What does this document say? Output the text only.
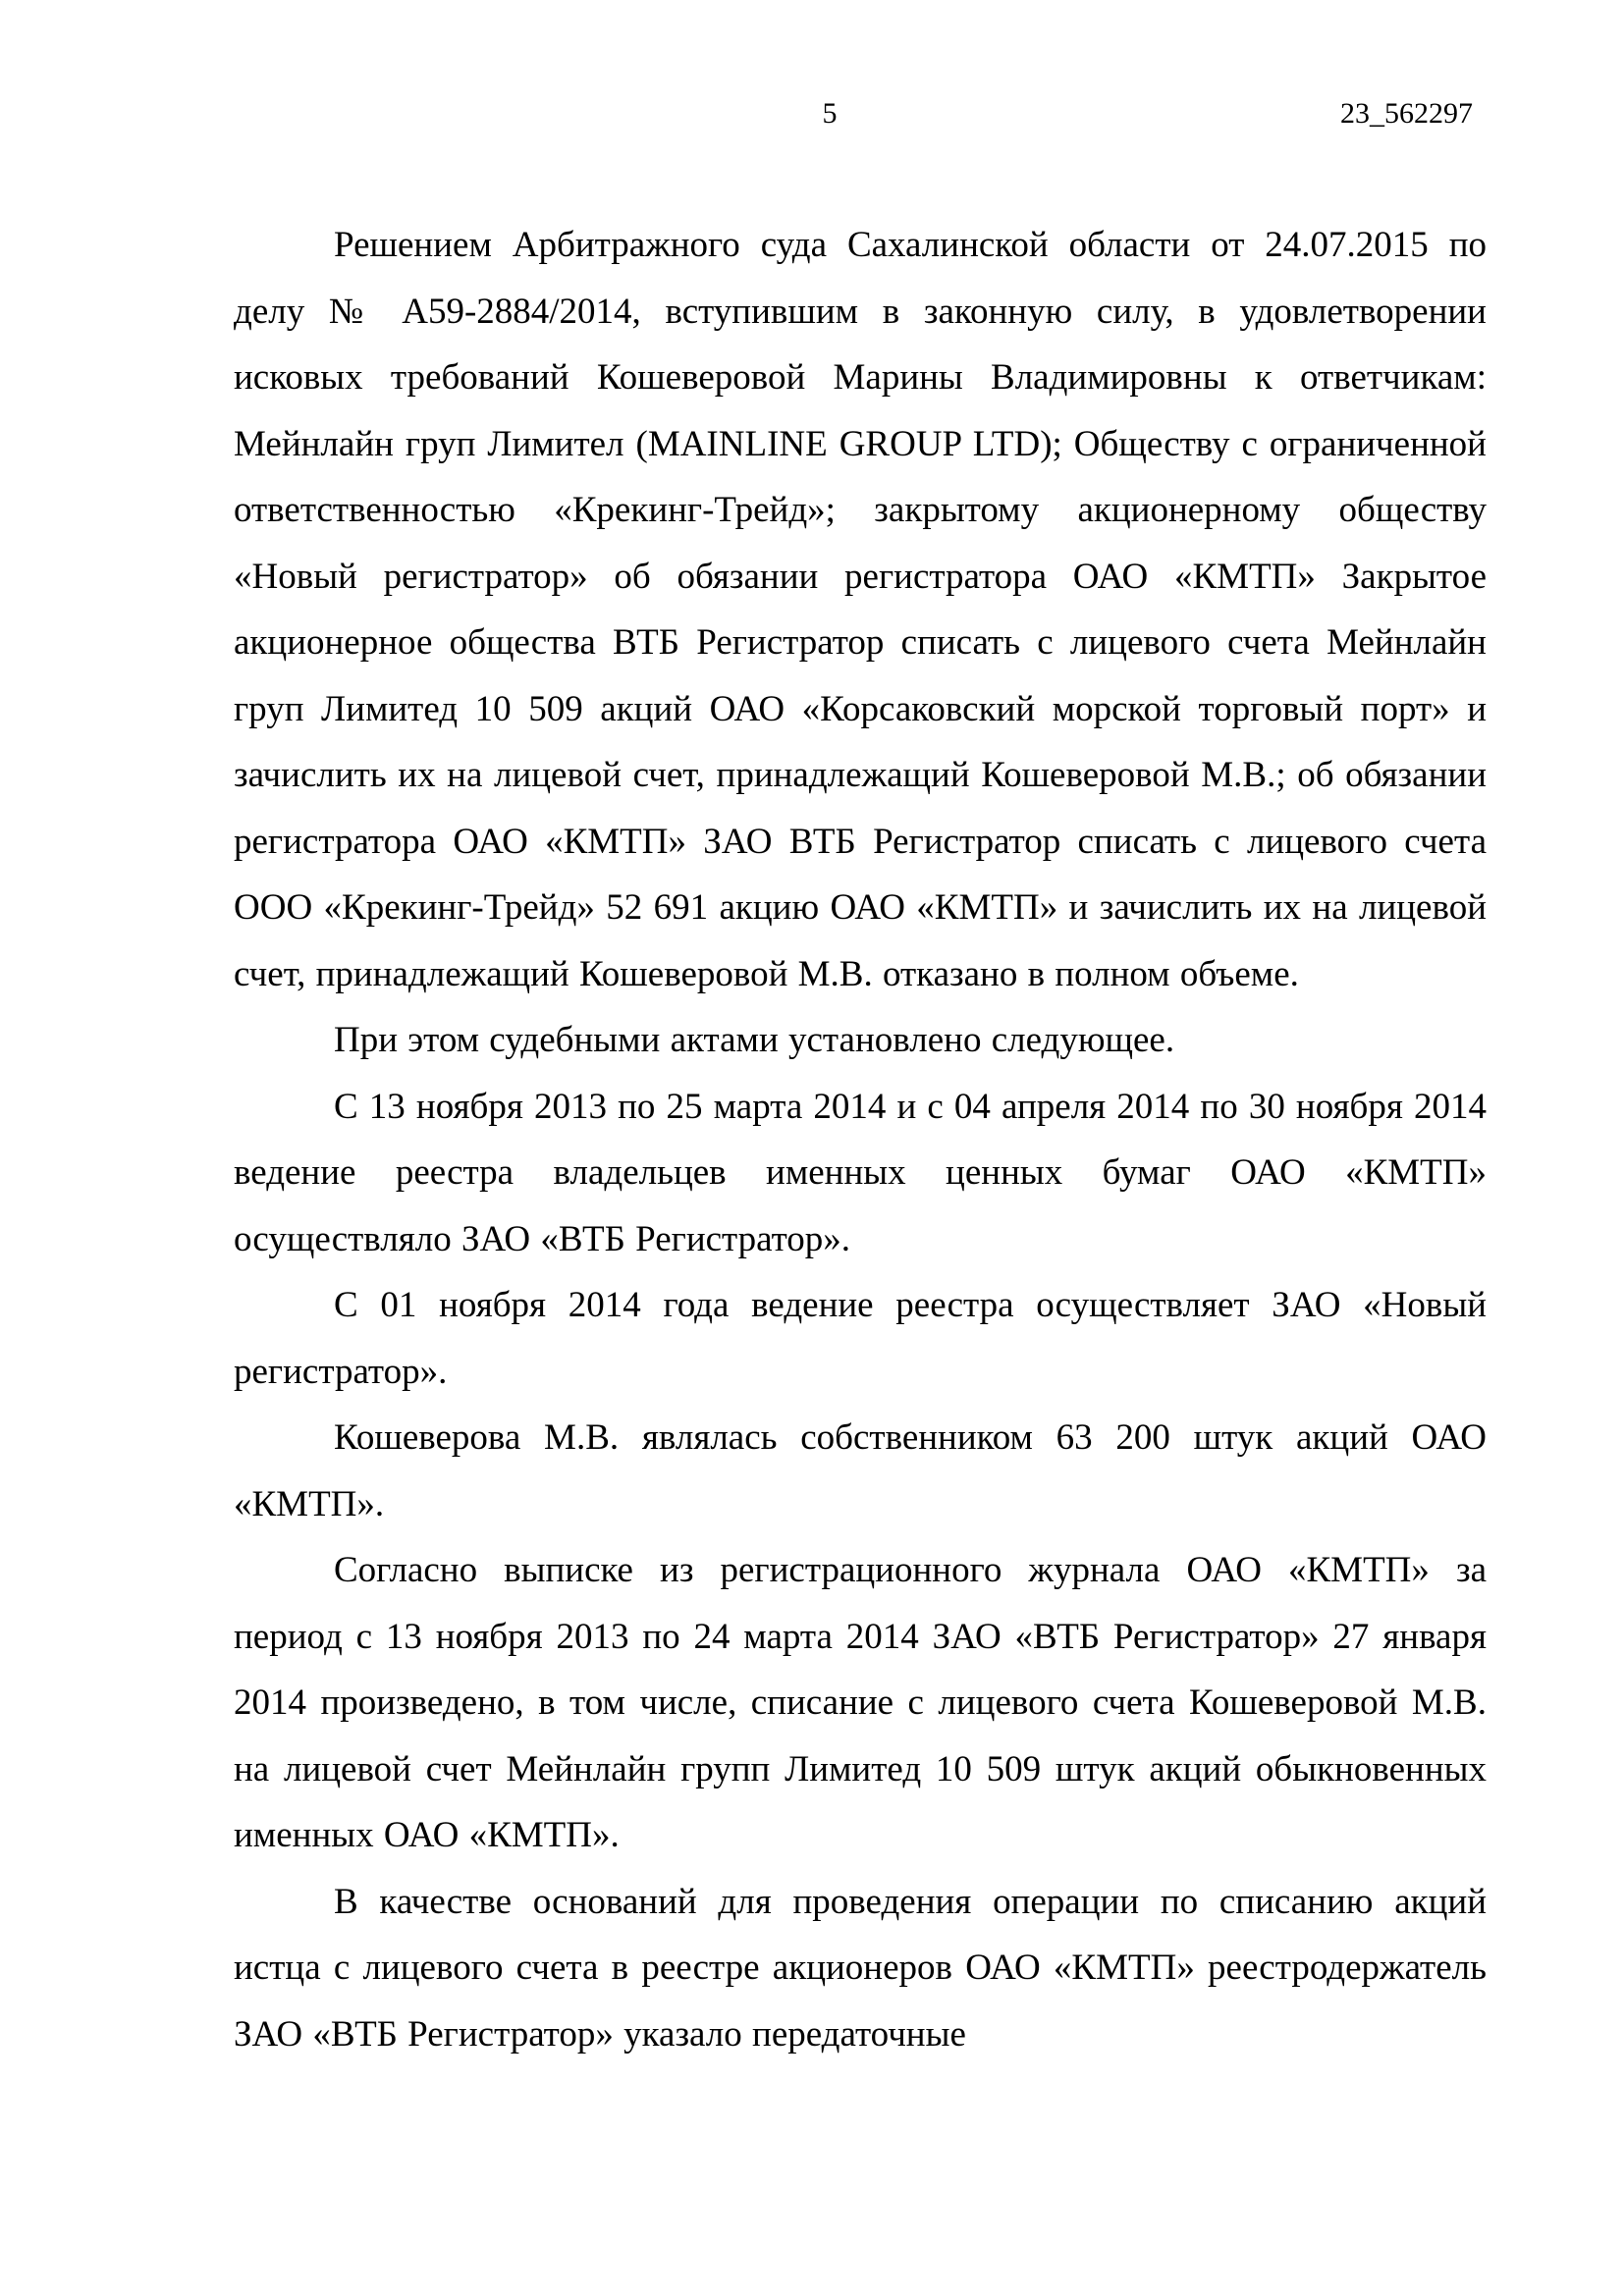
5	23_562297

Решением Арбитражного суда Сахалинской области от 24.07.2015 по делу № А59-2884/2014, вступившим в законную силу, в удовлетворении исковых требований Кошеверовой Марины Владимировны к ответчикам: Мейнлайн груп Лимител (MAINLINE GROUP LTD); Обществу с ограниченной ответственностью «Крекинг-Трейд»; закрытому акционерному обществу «Новый регистратор» об обязании регистратора ОАО «КМТП» Закрытое акционерное общества ВТБ Регистратор списать с лицевого счета Мейнлайн груп Лимитед 10 509 акций ОАО «Корсаковский морской торговый порт» и зачислить их на лицевой счет, принадлежащий Кошеверовой М.В.; об обязании регистратора ОАО «КМТП» ЗАО ВТБ Регистратор списать с лицевого счета ООО «Крекинг-Трейд» 52 691 акцию ОАО «КМТП» и зачислить их на лицевой счет, принадлежащий Кошеверовой М.В. отказано в полном объеме.

При этом судебными актами установлено следующее.

С 13 ноября 2013 по 25 марта 2014 и с 04 апреля 2014 по 30 ноября 2014 ведение реестра владельцев именных ценных бумаг ОАО «КМТП» осуществляло ЗАО «ВТБ Регистратор».

С 01 ноября 2014 года ведение реестра осуществляет ЗАО «Новый регистратор».

Кошеверова М.В. являлась собственником 63 200 штук акций ОАО «КМТП».

Согласно выписке из регистрационного журнала ОАО «КМТП» за период с 13 ноября 2013 по 24 марта 2014 ЗАО «ВТБ Регистратор» 27 января 2014 произведено, в том числе, списание с лицевого счета Кошеверовой М.В. на лицевой счет Мейнлайн групп Лимитед 10 509 штук акций обыкновенных именных ОАО «КМТП».

В качестве оснований для проведения операции по списанию акций истца с лицевого счета в реестре акционеров ОАО «КМТП» реестродержатель ЗАО «ВТБ Регистратор» указало передаточные
